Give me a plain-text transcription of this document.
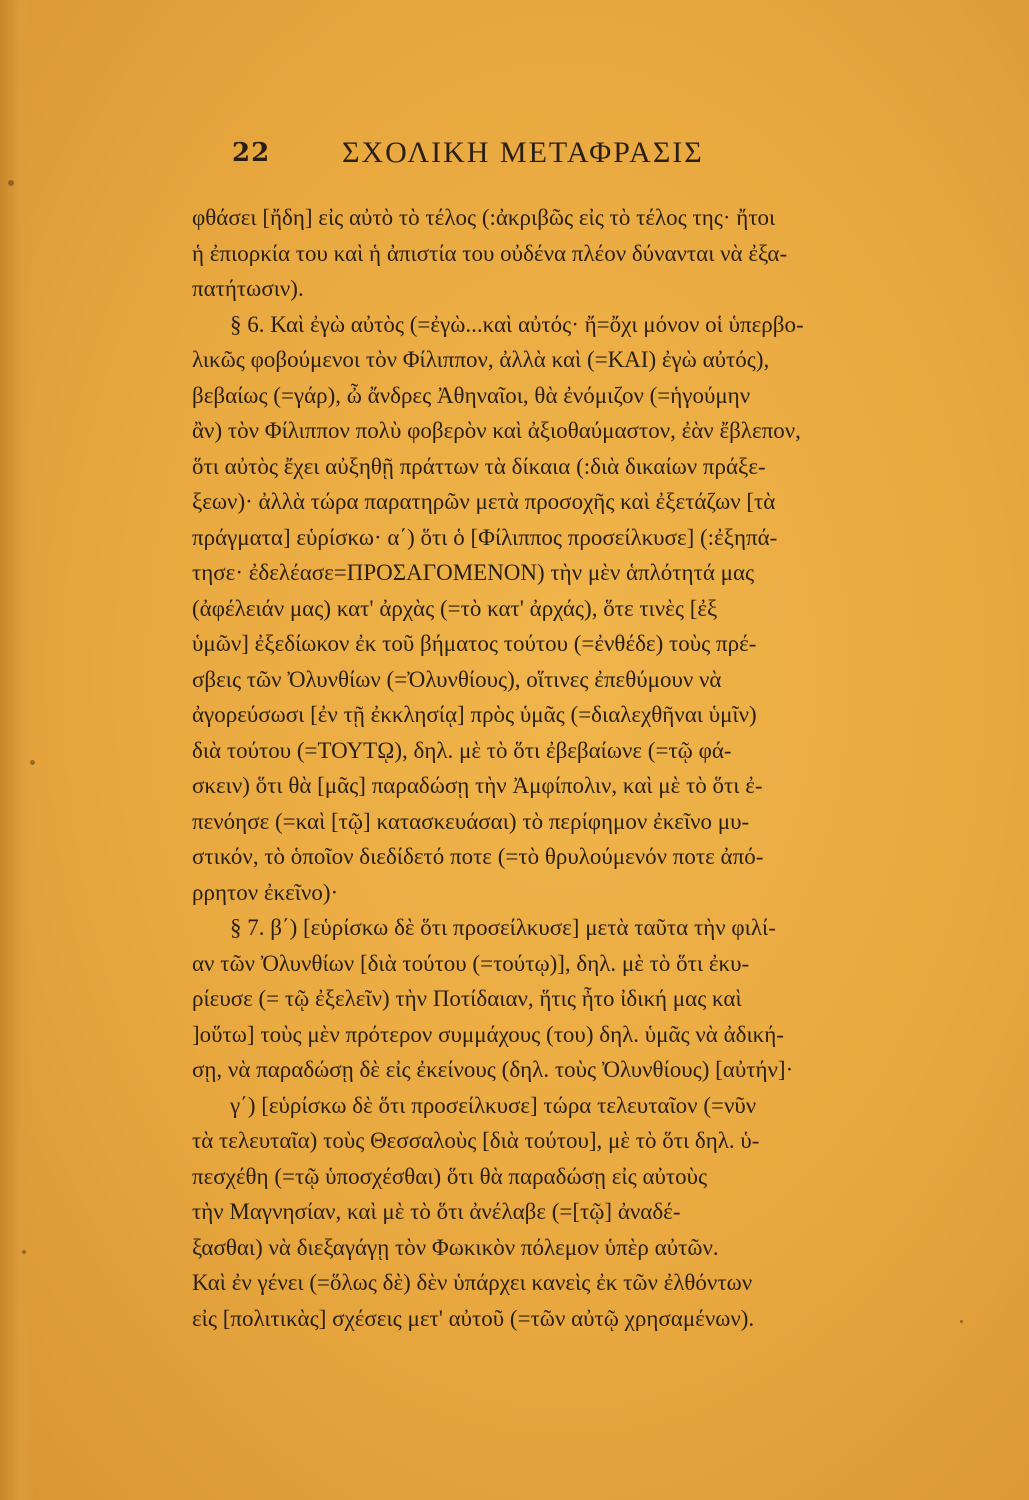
22 ΣΧΟΛΙΚΗ ΜΕΤΑΦΡΑΣΙΣ
φθάσει [ἤδη] εἰς αὐτὸ τὸ τέλος (:ἀκριβῶς εἰς τὸ τέλος της· ἤτοι
ἡ ἐπιορκία του καὶ ἡ ἀπιστία του οὐδένα πλέον δύνανται νὰ ἐξα-
πατήτωσιν).
§ 6. Καὶ ἐγὼ αὐτὸς (=ἐγὼ...καὶ αὐτός· ἤ=ὄχι μόνον οἱ ὑπερβο-
λικῶς φοβούμενοι τὸν Φίλιππον, ἀλλὰ καὶ (=ΚΑΙ) ἐγὼ αὐτός),
βεβαίως (=γάρ), ὦ ἄνδρες Ἀθηναῖοι, θὰ ἐνόμιζον (=ἡγούμην
ἂν) τὸν Φίλιππον πολὺ φοβερὸν καὶ ἀξιοθαύμαστον, ἐὰν ἔβλεπον,
ὅτι αὐτὸς ἔχει αὐξηθῇ πράττων τὰ δίκαια (:διὰ δικαίων πράξε-
ξεων)· ἀλλὰ τώρα παρατηρῶν μετὰ προσοχῆς καὶ ἐξετάζων [τὰ
πράγματα] εὑρίσκω· α΄) ὅτι ὁ [Φίλιππος προσείλκυσε] (:ἐξηπά-
τησε· ἐδελέασε=ΠΡΟΣΑΓΟΜΕΝΟΝ) τὴν μὲν ἁπλότητά μας
(ἀφέλειάν μας) κατ' ἀρχὰς (=τὸ κατ' ἀρχάς), ὅτε τινὲς [ἐξ
ὑμῶν] ἐξεδίωκον ἐκ τοῦ βήματος τούτου (=ἐνθέδε) τοὺς πρέ-
σβεις τῶν Ὀλυνθίων (=Ὀλυνθίους), οἵτινες ἐπεθύμουν νὰ
ἀγορεύσωσι [ἐν τῇ ἐκκλησίᾳ] πρὸς ὑμᾶς (=διαλεχθῆναι ὑμῖν)
διὰ τούτου (=ΤΟΥΤῼ), δηλ. μὲ τὸ ὅτι ἐβεβαίωνε (=τῷ φά-
σκειν) ὅτι θὰ [μᾶς] παραδώσῃ τὴν Ἀμφίπολιν, καὶ μὲ τὸ ὅτι ἐ-
πενόησε (=καὶ [τῷ] κατασκευάσαι) τὸ περίφημον ἐκεῖνο μυ-
στικόν, τὸ ὁποῖον διεδίδετό ποτε (=τὸ θρυλούμενόν ποτε ἀπό-
ρρητον ἐκεῖνο)·
§ 7. β΄) [εὑρίσκω δὲ ὅτι προσείλκυσε] μετὰ ταῦτα τὴν φιλί-
αν τῶν Ὀλυνθίων [διὰ τούτου (=τούτῳ)], δηλ. μὲ τὸ ὅτι ἐκυ-
ρίευσε (= τῷ ἐξελεῖν) τὴν Ποτίδαιαν, ἥτις ἦτο ἰδική μας καὶ
]οὕτω] τοὺς μὲν πρότερον συμμάχους (του) δηλ. ὑμᾶς νὰ ἀδική-
σῃ, νὰ παραδώσῃ δὲ εἰς ἐκείνους (δηλ. τοὺς Ὀλυνθίους) [αὐτήν]·
γ΄) [εὑρίσκω δὲ ὅτι προσείλκυσε] τώρα τελευταῖον (=νῦν
τὰ τελευταῖα) τοὺς Θεσσαλοὺς [διὰ τούτου], μὲ τὸ ὅτι δηλ. ὑ-
πεσχέθη (=τῷ ὑποσχέσθαι) ὅτι θὰ παραδώσῃ εἰς αὐτοὺς
τὴν Μαγνησίαν, καὶ μὲ τὸ ὅτι ἀνέλαβε (=[τῷ] ἀναδέ-
ξασθαι) νὰ διεξαγάγῃ τὸν Φωκικὸν πόλεμον ὑπὲρ αὐτῶν.
Καὶ ἐν γένει (=ὅλως δὲ) δὲν ὑπάρχει κανεὶς ἐκ τῶν ἐλθόντων
εἰς [πολιτικὰς] σχέσεις μετ' αὐτοῦ (=τῶν αὐτῷ χρησαμένων).
